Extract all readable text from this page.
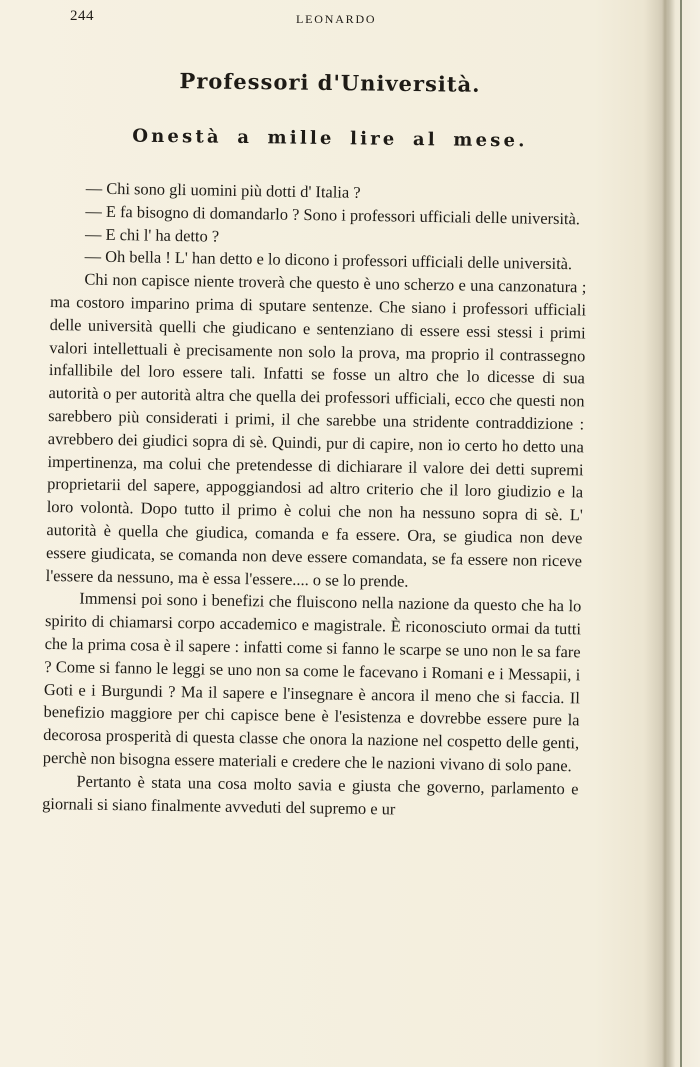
244	LEONARDO
Professori d'Università.
Onestà a mille lire al mese.

— Chi sono gli uomini più dotti d' Italia ?

— E fa bisogno di domandarlo ? Sono i professori ufficiali delle università.

— E chi l' ha detto ?

— Oh bella ! L' han detto e lo dicono i professori ufficiali delle università.

Chi non capisce niente troverà che questo è uno scherzo e una canzonatura ; ma costoro imparino prima di sputare sentenze. Che siano i professori ufficiali delle università quelli che giudicano e sentenziano di essere essi stessi i primi valori intellettuali è precisamente non solo la prova, ma proprio il contrassegno infallibile del loro essere tali. Infatti se fosse un altro che lo dicesse di sua autorità o per autorità altra che quella dei professori ufficiali, ecco che questi non sarebbero più considerati i primi, il che sarebbe una stridente contraddizione : avrebbero dei giudici sopra di sè. Quindi, pur di capire, non io certo ho detto una impertinenza, ma colui che pretendesse di dichiarare il valore dei detti supremi proprietarii del sapere, appoggiandosi ad altro criterio che il loro giudizio e la loro volontà. Dopo tutto il primo è colui che non ha nessuno sopra di sè. L' autorità è quella che giudica, comanda e fa essere. Ora, se giudica non deve essere giudicata, se comanda non deve essere comandata, se fa essere non riceve l'essere da nessuno, ma è essa l'essere.... o se lo prende.

Immensi poi sono i benefizi che fluiscono nella nazione da questo che ha lo spirito di chiamarsi corpo accademico e magistrale. È riconosciuto ormai da tutti che la prima cosa è il sapere : infatti come si fanno le scarpe se uno non le sa fare ? Come si fanno le leggi se uno non sa come le facevano i Romani e i Messapii, i Goti e i Burgundi ? Ma il sapere e l'insegnare è ancora il meno che si faccia. Il benefizio maggiore per chi capisce bene è l'esistenza e dovrebbe essere pure la decorosa prosperità di questa classe che onora la nazione nel cospetto delle genti, perchè non bisogna essere materiali e credere che le nazioni vivano di solo pane.

Pertanto è stata una cosa molto savia e giusta che governo, parlamento e giornali si siano finalmente avveduti del supremo e ur
